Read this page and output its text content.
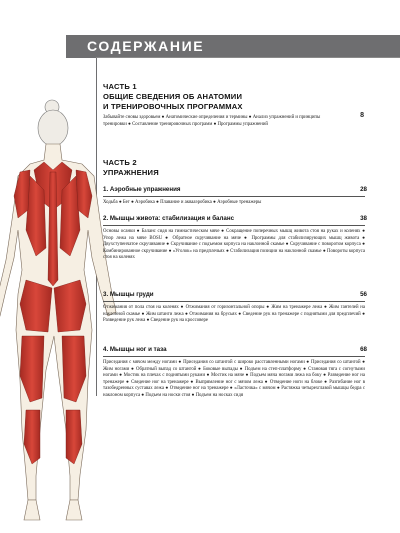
СОДЕРЖАНИЕ
ЧАСТЬ 1
ОБЩИЕ СВЕДЕНИЯ ОБ АНАТОМИИ
И ТРЕНИРОВОЧНЫХ ПРОГРАММАХ
8
Забывайте сновы здоровьем ● Анатомические определения и термины ● Анализ упражнений и принципы тренировки ● Составление тренировочных программ ● Программы упражнений
ЧАСТЬ 2
УПРАЖНЕНИЯ
1. Аэробные упражнения	28
Ходьба ● Бег ● Аэробика ● Плавание и аквааэробика ● Аэробные тренажеры
2. Мышцы живота: стабилизация и баланс	38
Основы осанки ● Баланс сидя на гимнастическом мяче ● Сокращение поперечных мышц живота стоя на руках и коленях ● Упор лежа на мяче BOSU ● Обратное скручивание на мяче ● Программы для стабилизирующих мышц живота ● Двухступенчатое скручивание ● Скручивание с подъемом корпуса на наклонной скамье ● Скручивание с поворотом корпуса ● Комбинированное скручивание ● «Уголок» на предплечьях ● Стабилизация позиции на наклонной скамье ● Повороты корпуса стоя на коленях
3. Мышцы груди	56
Отжимания от пола стоя на коленях ● Отжимания от горизонтальной опоры ● Жим на тренажере лежа ● Жим гантелей на наклонной скамье ● Жим штанги лежа ● Отжимания на брусьях ● Сведение рук на тренажере с поднятыми для предплечий ● Разведение рук лежа ● Сведение рук на кроссовере
4. Мышцы ног и таза	68
Приседания с мячом между ногами ● Приседания со штангой с широко расставленными ногами ● Приседания со штангой ● Жим ногами ● Обратный выпад со штангой ● Боковые выпады ● Подъем на степ-платформу ● Становая тяга с согнутыми ногами ● Мостик на плечах с поднятыми руками ● Мостик на мяче ● Подъем мяча ногами лежа на боку ● Разведение ног на тренажере ● Сведение ног на тренажере ● Выпрямление ног с мячом лежа ● Отведение ноги на блоке ● Разгибание ног в тазобедренных суставах лежа ● Отведение ног на тренажере ● «Ласточка» с мячом ● Растяжка четырехглавой мышцы бедра с наклоном корпуса ● Подъем на носки стоя ● Подъем на носках сидя
